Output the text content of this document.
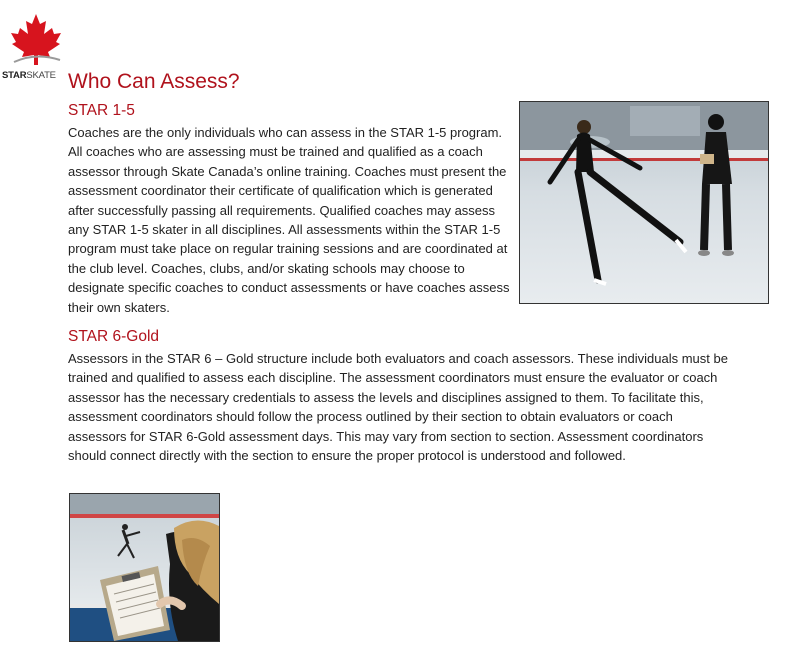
STARSKATE Who Can Assess?
STAR 1-5

Coaches are the only individuals who can assess in the STAR 1-5 program. All coaches who are assessing must be trained and qualified as a coach assessor through Skate Canada’s online training. Coaches must present the assessment coordinator their certificate of qualification which is generated after successfully passing all requirements. Qualified coaches may assess any STAR 1-5 skater in all disciplines. All assessments within the STAR 1-5 program must take place on regular training sessions and are coordinated at the club level. Coaches, clubs, and/or skating schools may choose to designate specific coaches to conduct assessments or have coaches assess their own skaters.

STAR 6-Gold

Assessors in the STAR 6 – Gold structure include both evaluators and coach assessors. These individuals must be trained and qualified to assess each discipline. The assessment coordinators must ensure the evaluator or coach assessor has the necessary credentials to assess the levels and disciplines assigned to them. To facilitate this, assessment coordinators should follow the process outlined by their section to obtain evaluators or coach assessors for STAR 6-Gold assessment days. This may vary from section to section. Assessment coordinators should connect directly with the section to ensure the proper protocol is understood and followed.
